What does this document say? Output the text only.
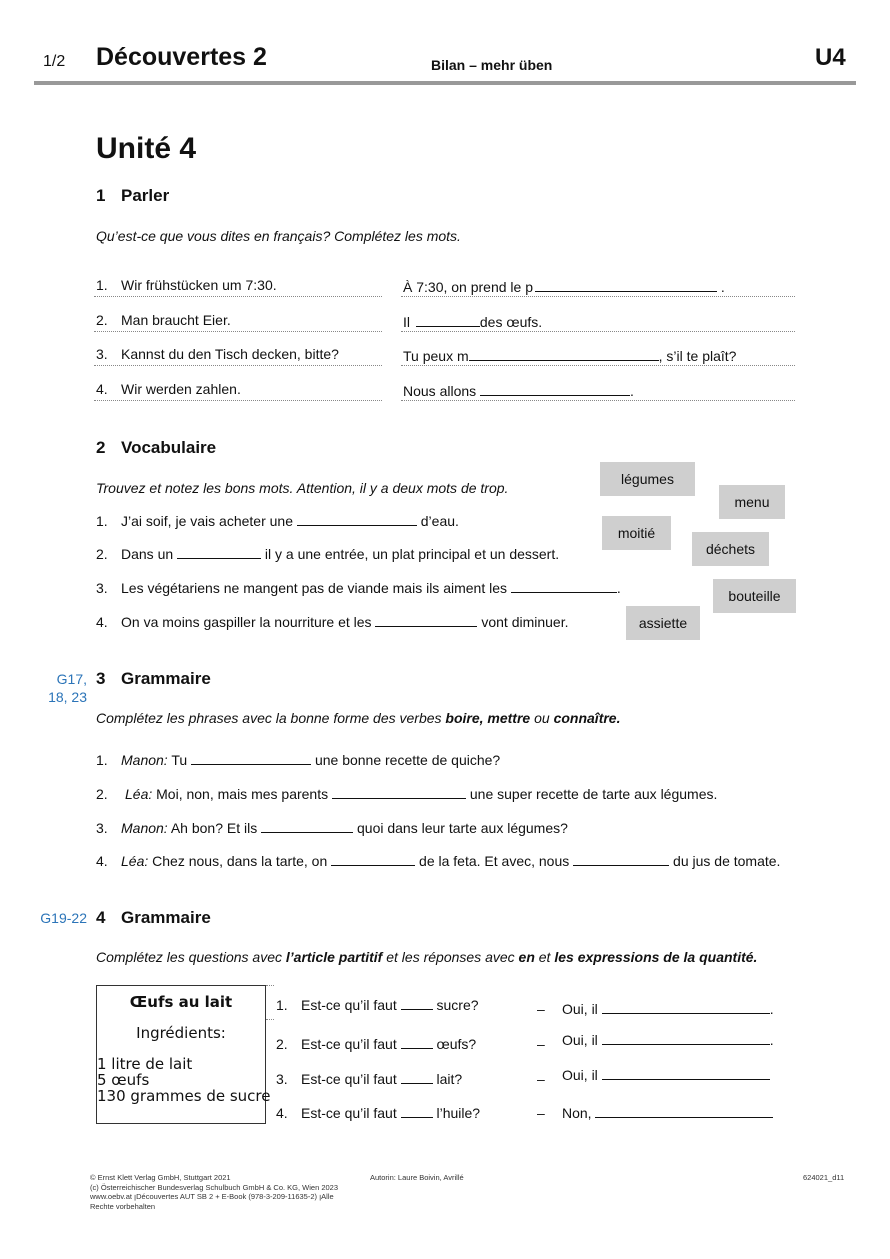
1/2 Découvertes 2	Bilan – mehr üben	U4
Unité 4
1 Parler
Qu’est-ce que vous dites en français? Complétez les mots.
1. Wir frühstücken um 7:30.	À 7:30, on prend le p	.
2. Man braucht Eier.	Il	des œufs.
3. Kannst du den Tisch decken, bitte?	Tu peux m	, s’il te plaît?
4. Wir werden zahlen.	Nous allons	.
2 Vocabulaire
Trouvez et notez les bons mots. Attention, il y a deux mots de trop.
1. J’ai soif, je vais acheter une	d’eau.
2. Dans un	il y a une entrée, un plat principal et un dessert.
3. Les végétariens ne mangent pas de viande mais ils aiment les	.
4. On va moins gaspiller la nourriture et les	vont diminuer.
légumes
menu
moitié
déchets
bouteille
assiette
G17,
18, 23
3 Grammaire
Complétez les phrases avec la bonne forme des verbes boire, mettre ou connaître.
1. Manon: Tu	une bonne recette de quiche?
2. Léa: Moi, non, mais mes parents	une super recette de tarte aux légumes.
3. Manon: Ah bon? Et ils	quoi dans leur tarte aux légumes?
4. Léa: Chez nous, dans la tarte, on	de la feta. Et avec, nous	du jus de tomate.
G19-22 4 Grammaire
Complétez les questions avec l’article partitif et les réponses avec en et les expressions de la quantité.
Œufs au lait
Ingrédients:
1 litre de lait
5 œufs
130 grammes de sucre
1. Est-ce qu’il faut  sucre?	– Oui, il	.
2. Est-ce qu’il faut  œufs?	– Oui, il	.
3. Est-ce qu’il faut  lait?	– Oui, il
4. Est-ce qu’il faut  l’huile?	– Non,
© Ernst Klett Verlag GmbH, Stuttgart 2021
(c) Österreichischer Bundesverlag Schulbuch GmbH & Co. KG, Wien 2023
www.oebv.at ꞁDécouvertes AUT SB 2 + E-Book (978-3-209-11635-2) ꞁAlle
Rechte vorbehalten
Autorin: Laure Boivin, Avrillé	624021_d11
